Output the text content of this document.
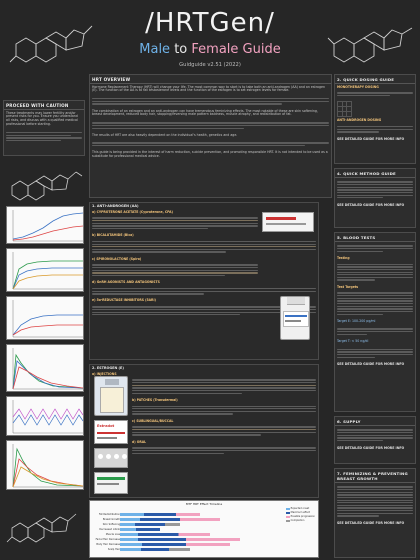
/HRTGen/
Male to Female Guide
Guidguide v2.51 (2022)
PROCEED WITH CAUTION
These treatments may lower fertility and/or present risks for you. Ensure you understand all risks, and discuss with a qualified medical professional before starting.
HRT OVERVIEW
Hormone Replacement Therapy (HRT) will change your life. The most common way to start is to take both an anti-androgen (AA) and an estrogen (E). The function of the AA is to fall testosterone levels and the function of the estrogen is to set estrogen levels for female.
The combination of an estrogen and an anti-androgen can have tremendous feminizing effects. The most notable of these are skin softening, breast development, reduced body hair, stopping/reversing male pattern baldness, muscle atrophy, and redistribution of fat.
The results of HRT are also heavily dependent on the individual's health, genetics and age.
This guide is being provided in the interest of harm reduction, suicide prevention, and promoting responsible HRT. It is not intended to be used as a substitute for professional medical advice.
1. ANTI-ANDROGEN (AA)
a) CYPROTERONE ACETATE (Cyproterone, CPA)
b) BICALUTAMIDE (Bica)
c) SPIRONOLACTONE (Spiro)
d) GnRH AGONISTS AND ANTAGONISTS
e) 5α-REDUCTASE INHIBITORS (5ARi)
2. ESTROGEN (E)
a) INJECTIONS
b) PATCHES (Transdermal)
c) SUBLINGUAL/BUCCAL
d) ORAL
Estradot
MTF HRT Effect Timeline
Expected onset
Maximum effect
Possible progression
Completion
Fat Redistribution
Breast Growth
Skin Softening
Decreased Libido
Muscle Loss
Facial Hair Decrease
Body Hair Decrease
Scalp Hair
2. QUICK DOSING GUIDE
MONOTHERAPY DOSING

ANTI-ANDROGEN DOSING
SEE DETAILED GUIDE FOR MORE INFO
4. QUICK METHOD GUIDE
SEE DETAILED GUIDE FOR MORE INFO
5. BLOOD TESTS
Testing
Test Targets
Target E: 100-200 pg/ml
Target T: < 50 ng/dl
SEE DETAILED GUIDE FOR MORE INFO
6. SUPPLY
SEE DETAILED GUIDE FOR MORE INFO
7. FEMINIZING & PREVENTING BREAST GROWTH
SEE DETAILED GUIDE FOR MORE INFO
